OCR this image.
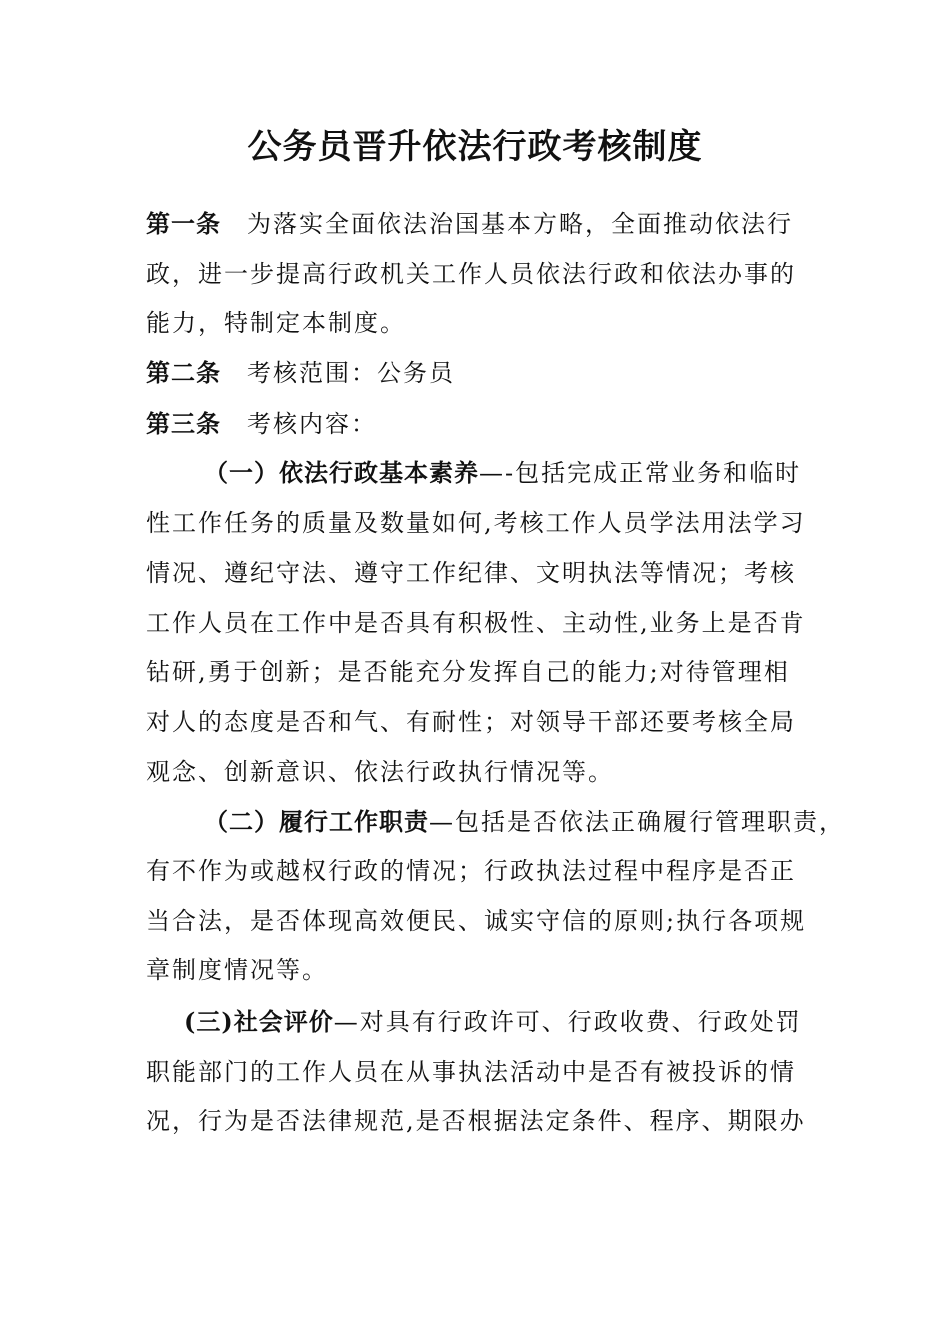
公务员晋升依法行政考核制度
第一条 为落实全面依法治国基本方略，全面推动依法行
政，进一步提高行政机关工作人员依法行政和依法办事的
能力，特制定本制度。
第二条 考核范围：公务员
第三条 考核内容：
（一）依法行政基本素养—-包括完成正常业务和临时
性工作任务的质量及数量如何,考核工作人员学法用法学习
情况、遵纪守法、遵守工作纪律、文明执法等情况；考核
工作人员在工作中是否具有积极性、主动性,业务上是否肯
钻研,勇于创新；是否能充分发挥自己的能力;对待管理相
对人的态度是否和气、有耐性；对领导干部还要考核全局
观念、创新意识、依法行政执行情况等。
（二）履行工作职责—包括是否依法正确履行管理职责，
有不作为或越权行政的情况；行政执法过程中程序是否正
当合法，是否体现高效便民、诚实守信的原则;执行各项规
章制度情况等。
(三)社会评价—对具有行政许可、行政收费、行政处罚
职能部门的工作人员在从事执法活动中是否有被投诉的情
况，行为是否法律规范,是否根据法定条件、程序、期限办
